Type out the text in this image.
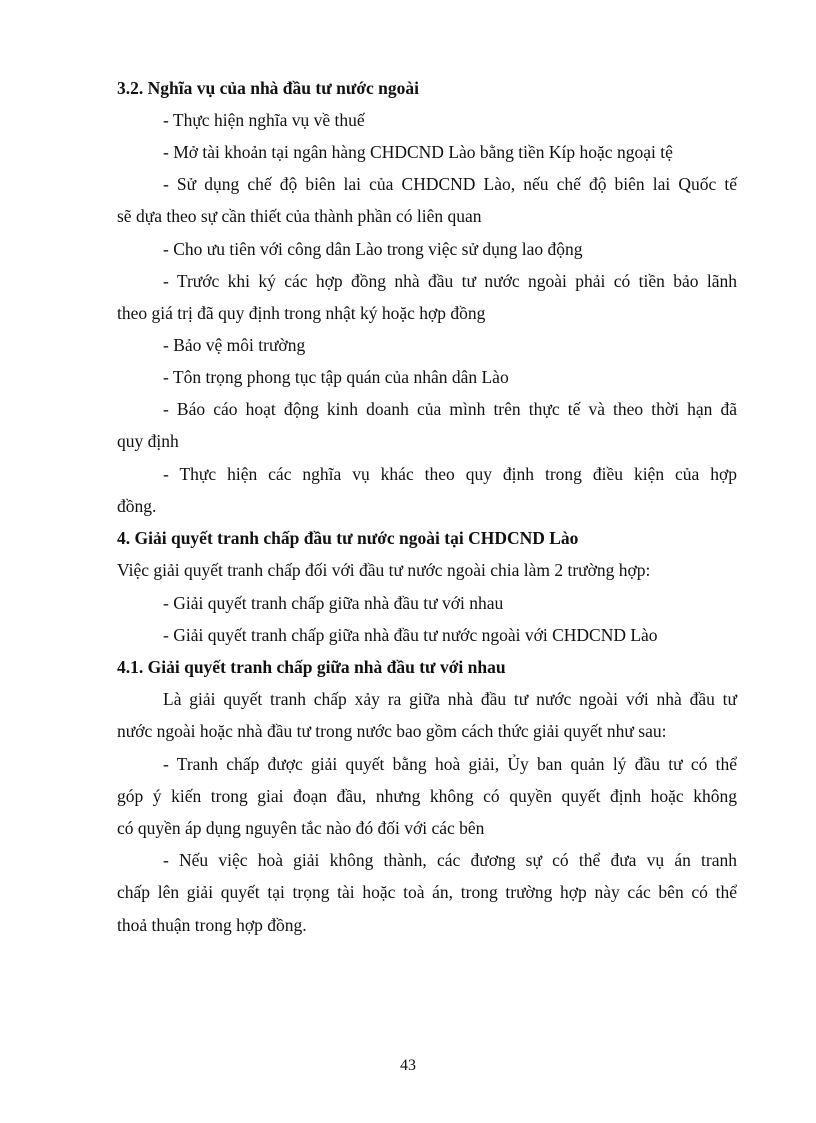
3.2. Nghĩa vụ của nhà đầu tư nước ngoài
- Thực hiện nghĩa vụ về thuế
- Mở tài khoản tại ngân hàng CHDCND Lào bằng tiền Kíp hoặc ngoại tệ
- Sử dụng chế độ biên lai của CHDCND Lào, nếu chế độ biên lai Quốc tế
sẽ dựa theo sự cần thiết của thành phần có liên quan
- Cho ưu tiên với công dân Lào trong việc sử dụng lao động
- Trước khi ký các hợp đồng nhà đầu tư nước ngoài phải có tiền bảo lãnh
theo giá trị đã quy định trong nhật ký hoặc hợp đồng
- Bảo vệ môi trường
- Tôn trọng phong tục tập quán của nhân dân Lào
- Báo cáo hoạt động kinh doanh của mình trên thực tế và theo thời hạn đã
quy định
- Thực hiện các nghĩa vụ khác theo quy định trong điều kiện của hợp
đồng.
4. Giải quyết tranh chấp đầu tư nước ngoài tại CHDCND Lào
Việc giải quyết tranh chấp đối với đầu tư nước ngoài chia làm 2 trường hợp:
- Giải quyết tranh chấp giữa nhà đầu tư với nhau
- Giải quyết tranh chấp giữa nhà đầu tư nước ngoài với CHDCND Lào
4.1. Giải quyết tranh chấp giữa nhà đầu tư với nhau
Là giải quyết tranh chấp xảy ra giữa nhà đầu tư nước ngoài với nhà đầu tư
nước ngoài hoặc nhà đầu tư trong nước bao gồm cách thức giải quyết như sau:
- Tranh chấp được giải quyết bằng hoà giải, Ủy ban quản lý đầu tư có thể
góp ý kiến trong giai đoạn đầu, nhưng không có quyền quyết định hoặc không
có quyền áp dụng nguyên tắc nào đó đối với các bên
- Nếu việc hoà giải không thành, các đương sự có thể đưa vụ án tranh
chấp lên giải quyết tại trọng tài hoặc toà án, trong trường hợp này các bên có thể
thoả thuận trong hợp đồng.
43
